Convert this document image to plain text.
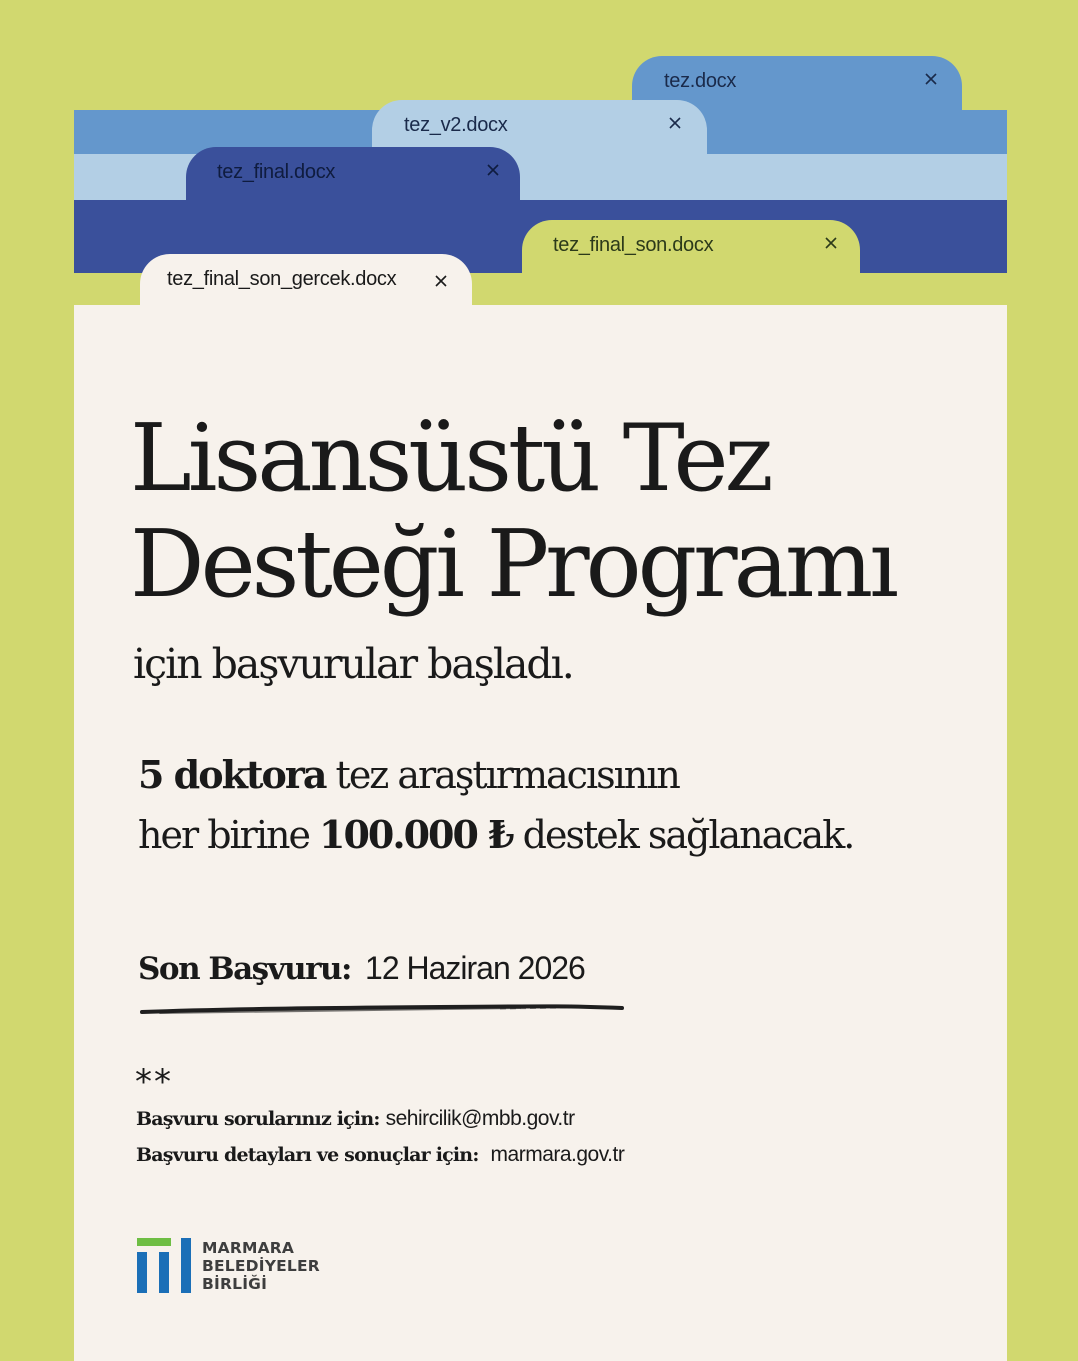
tez.docx
tez_v2.docx
tez_final.docx
tez_final_son.docx
tez_final_son_gercek.docx
Lisansüstü Tez
Desteği Programı
için başvurular başladı.
5 doktora tez araştırmacısının
her birine 100.000 ₺ destek sağlanacak.
Son Başvuru: 12 Haziran 2026
**
Başvuru sorularınız için: sehircilik@mbb.gov.tr
Başvuru detayları ve sonuçlar için: marmara.gov.tr
MARMARA
BELEDİYELER
BİRLİĞİ
